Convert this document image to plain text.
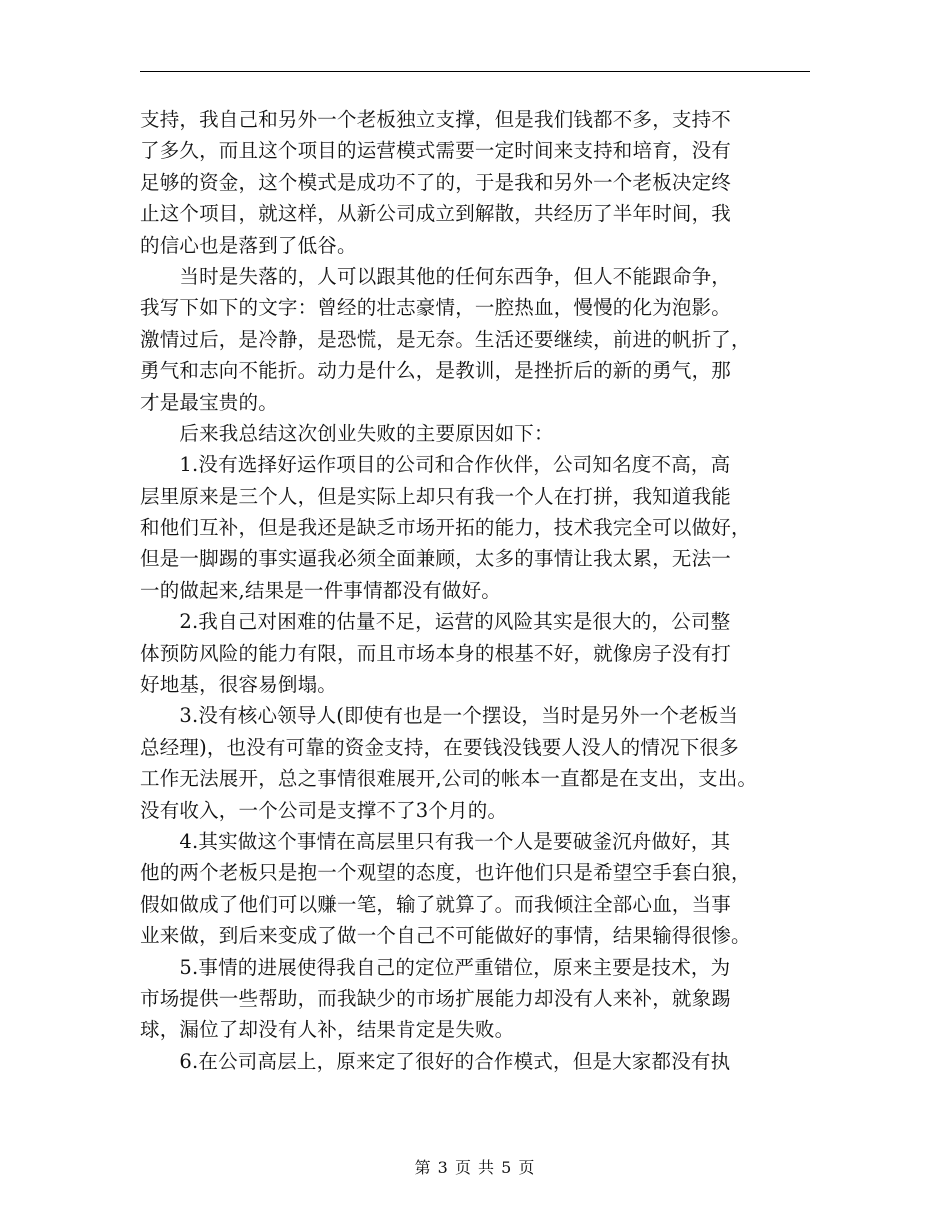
支持，我自己和另外一个老板独立支撑，但是我们钱都不多，支持不
了多久，而且这个项目的运营模式需要一定时间来支持和培育，没有
足够的资金，这个模式是成功不了的，于是我和另外一个老板决定终
止这个项目，就这样，从新公司成立到解散，共经历了半年时间，我
的信心也是落到了低谷。
　　当时是失落的，人可以跟其他的任何东西争，但人不能跟命争，
我写下如下的文字：曾经的壮志豪情，一腔热血，慢慢的化为泡影。
激情过后，是冷静，是恐慌，是无奈。生活还要继续，前进的帆折了，
勇气和志向不能折。动力是什么，是教训，是挫折后的新的勇气，那
才是最宝贵的。
　　后来我总结这次创业失败的主要原因如下：
　　1.没有选择好运作项目的公司和合作伙伴，公司知名度不高，高
层里原来是三个人，但是实际上却只有我一个人在打拼，我知道我能
和他们互补，但是我还是缺乏市场开拓的能力，技术我完全可以做好，
但是一脚踢的事实逼我必须全面兼顾，太多的事情让我太累，无法一
一的做起来,结果是一件事情都没有做好。
　　2.我自己对困难的估量不足，运营的风险其实是很大的，公司整
体预防风险的能力有限，而且市场本身的根基不好，就像房子没有打
好地基，很容易倒塌。
　　3.没有核心领导人(即使有也是一个摆设，当时是另外一个老板当
总经理)，也没有可靠的资金支持，在要钱没钱要人没人的情况下很多
工作无法展开，总之事情很难展开,公司的帐本一直都是在支出，支出。
没有收入，一个公司是支撑不了3个月的。
　　4.其实做这个事情在高层里只有我一个人是要破釜沉舟做好，其
他的两个老板只是抱一个观望的态度，也许他们只是希望空手套白狼，
假如做成了他们可以赚一笔，输了就算了。而我倾注全部心血，当事
业来做，到后来变成了做一个自己不可能做好的事情，结果输得很惨。
　　5.事情的进展使得我自己的定位严重错位，原来主要是技术，为
市场提供一些帮助，而我缺少的市场扩展能力却没有人来补，就象踢
球，漏位了却没有人补，结果肯定是失败。
　　6.在公司高层上，原来定了很好的合作模式，但是大家都没有执
第 3 页 共 5 页
